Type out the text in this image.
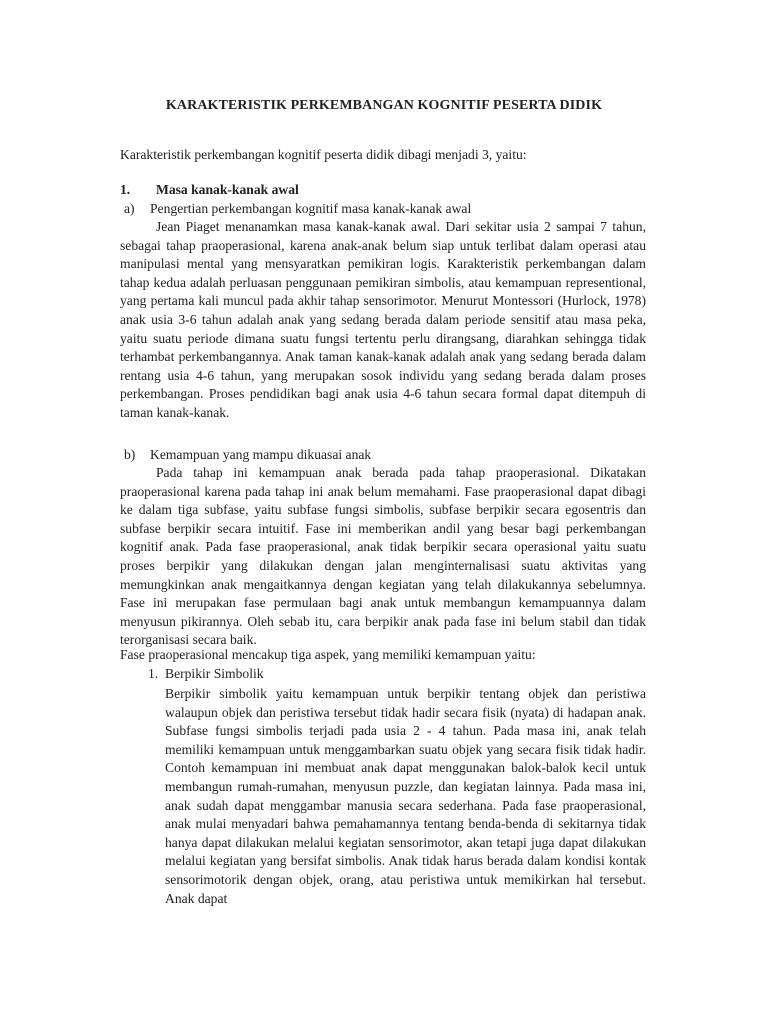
KARAKTERISTIK PERKEMBANGAN KOGNITIF PESERTA DIDIK
Karakteristik perkembangan kognitif peserta didik dibagi menjadi 3, yaitu:
1. Masa kanak-kanak awal
a) Pengertian perkembangan kognitif masa kanak-kanak awal

Jean Piaget menanamkan masa kanak-kanak awal. Dari sekitar usia 2 sampai 7 tahun, sebagai tahap praoperasional, karena anak-anak belum siap untuk terlibat dalam operasi atau manipulasi mental yang mensyaratkan pemikiran logis. Karakteristik perkembangan dalam tahap kedua adalah perluasan penggunaan pemikiran simbolis, atau kemampuan representional, yang pertama kali muncul pada akhir tahap sensorimotor. Menurut Montessori (Hurlock, 1978) anak usia 3-6 tahun adalah anak yang sedang berada dalam periode sensitif atau masa peka, yaitu suatu periode dimana suatu fungsi tertentu perlu dirangsang, diarahkan sehingga tidak terhambat perkembangannya. Anak taman kanak-kanak adalah anak yang sedang berada dalam rentang usia 4-6 tahun, yang merupakan sosok individu yang sedang berada dalam proses perkembangan. Proses pendidikan bagi anak usia 4-6 tahun secara formal dapat ditempuh di taman kanak-kanak.

b) Kemampuan yang mampu dikuasai anak

Pada tahap ini kemampuan anak berada pada tahap praoperasional. Dikatakan praoperasional karena pada tahap ini anak belum memahami. Fase praoperasional dapat dibagi ke dalam tiga subfase, yaitu subfase fungsi simbolis, subfase berpikir secara egosentris dan subfase berpikir secara intuitif. Fase ini memberikan andil yang besar bagi perkembangan kognitif anak. Pada fase praoperasional, anak tidak berpikir secara operasional yaitu suatu proses berpikir yang dilakukan dengan jalan menginternalisasi suatu aktivitas yang memungkinkan anak mengaitkannya dengan kegiatan yang telah dilakukannya sebelumnya. Fase ini merupakan fase permulaan bagi anak untuk membangun kemampuannya dalam menyusun pikirannya. Oleh sebab itu, cara berpikir anak pada fase ini belum stabil dan tidak terorganisasi secara baik.

Fase praoperasional mencakup tiga aspek, yang memiliki kemampuan yaitu:
1. Berpikir Simbolik

Berpikir simbolik yaitu kemampuan untuk berpikir tentang objek dan peristiwa walaupun objek dan peristiwa tersebut tidak hadir secara fisik (nyata) di hadapan anak. Subfase fungsi simbolis terjadi pada usia 2 - 4 tahun. Pada masa ini, anak telah memiliki kemampuan untuk menggambarkan suatu objek yang secara fisik tidak hadir. Contoh kemampuan ini membuat anak dapat menggunakan balok-balok kecil untuk membangun rumah-rumahan, menyusun puzzle, dan kegiatan lainnya. Pada masa ini, anak sudah dapat menggambar manusia secara sederhana. Pada fase praoperasional, anak mulai menyadari bahwa pemahamannya tentang benda-benda di sekitarnya tidak hanya dapat dilakukan melalui kegiatan sensorimotor, akan tetapi juga dapat dilakukan melalui kegiatan yang bersifat simbolis. Anak tidak harus berada dalam kondisi kontak sensorimotorik dengan objek, orang, atau peristiwa untuk memikirkan hal tersebut. Anak dapat
